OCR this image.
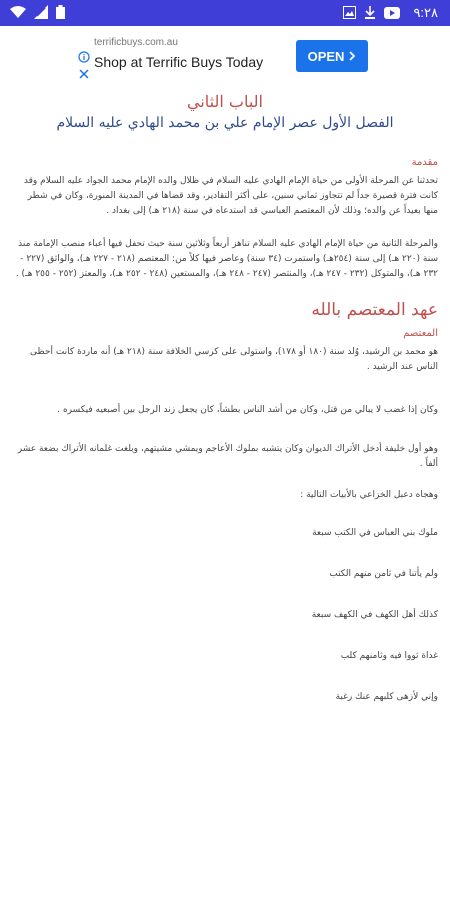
٩:٢٨
terrificbuys.com.au
Shop at Terrific Buys Today	OPEN
الباب الثاني
الفصل الأول عصر الإمام علي بن محمد الهادي عليه السلام
مقدمة

تحدثنا عن المرحلة الأولى من حياة الإمام الهادي عليه السلام في ظلال والده الإمام محمد الجواد عليه السلام وقد كانت فترة قصيرة جداً لم تتجاوز ثماني سنين، على أكثر التقادير، وقد قضاها في المدينة المنورة، وكان في شطر منها بعيداً عن والده؛ وذلك لأن المعتصم العباسي قد استدعاه في سنة (٢١٨ هـ) إلى بغداد .

والمرحلة الثانية من حياة الإمام الهادي عليه السلام تناهز أربعاً وثلاثين سنة حيث تحفل فيها أعباء منصب الإمامة منذ سنة (٢٢٠ هـ) إلى سنة (٢٥٤هـ) واستمرت (٣٤ سنة) وعاصر فيها كلاً من: المعتصم (٢١٨ - ٢٢٧ هـ)، والواثق (٢٢٧ - ٢٣٢ هـ)، والمتوكل (٢٣٢ - ٢٤٧ هـ)، والمنتصر (٢٤٧ - ٢٤٨ هـ)، والمستعين (٢٤٨ - ٢٥٢ هـ)، والمعتز (٢٥٢ - ٢٥٥ هـ) .

عهد المعتصم بالله
المعتصم

هو محمد بن الرشيد، وُلد سنة (١٨٠ أو ١٧٨)، واستولى على كرسي الخلافة سنة (٢١٨ هـ) أنه ماردة كانت أحظى الناس عند الرشيد .

وكان إذا غضب لا يبالي من قتل، وكان من أشد الناس بطشاً، كان يجعل زند الرجل بين أصبعيه فيكسره .

وهو أول خليفة أدخل الأتراك الديوان وكان يتشبه بملوك الأعاجم ويمشي مشيتهم، وبلغت غلمانه الأتراك بضعة عشر ألفاً .

وهجاه دعبل الخزاعي بالأبيات التالية :

ملوك بني العباس في الكتب سبعة

ولم يأتنا في ثامن منهم الكتب

كذلك أهل الكهف في الكهف سبعة

غداة ثووا فيه وثامنهم كلب

وإني لأزهى كلبهم عنك رغبة
